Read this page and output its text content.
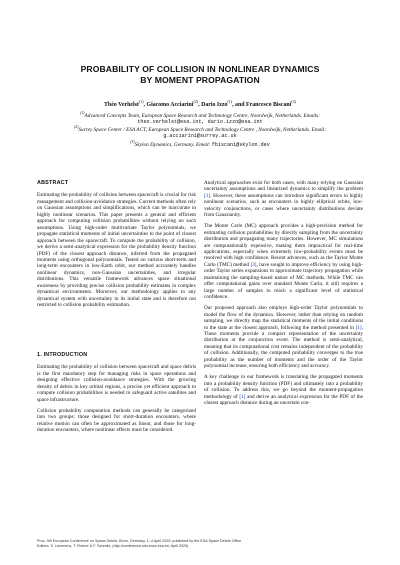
PROBABILITY OF COLLISION IN NONLINEAR DYNAMICS
BY MOMENT PROPAGATION
Théo Verhelst$^{(1)}$, Giacomo Acciarini$^{(2)}$, Dario Izzo$^{(1)}$, and Francesco Biscani$^{(3)}$
$^{(1)}$Advanced Concepts Team, European Space Research and Technology Centre, Noordwijk, Netherlands. Emails:
theo.verhelst@esa.int, dario.izzo@esa.int
$^{(2)}$Surrey Space Center / ESA ACT, European Space Research and Technology Centre , Noordwijk, Netherlands. Email:
g.acciarini@surrey.ac.uk
$^{(3)}$Skylon Dynamics, Germany. Email: fbiscani@skylon.dev
ABSTRACT

Estimating the probability of collision between spacecraft is crucial for risk management and collision-avoidance strategies. Current methods often rely on Gaussian assumptions and simplifications, which can be inaccurate in highly nonlinear scenarios. This paper presents a general and efficient approach for computing collision probabilities without relying on such assumptions. Using high-order multivariate Taylor polynomials, we propagate statistical moments of initial uncertainties to the point of closest approach between the spacecraft. To compute the probability of collision, we derive a semi-analytical expression for the probability density function (PDF) of the closest approach distance, inferred from the propagated moments using orthogonal polynomials. Tested on various short-term and long-term encounters in low-Earth orbit, our method accurately handles nonlinear dynamics, non-Gaussian uncertainties, and irregular distributions. This versatile framework advances space situational awareness by providing precise collision probability estimates in complex dynamical environments. Moreover, our methodology applies to any dynamical system with uncertainty in its initial state and is therefore not restricted to collision probability estimation.

1. INTRODUCTION

Estimating the probability of collision between spacecraft and space debris is the first mandatory step for managing risks in space operations and designing effective collision-avoidance strategies. With the growing density of debris in key orbital regions, a precise yet efficient approach to compute collision probabilities is needed to safeguard active satellites and space infrastructure.

Collision probability computation methods can generally be categorized into two groups: those designed for short-duration encounters, where relative motion can often be approximated as linear, and those for long-duration encounters, where nonlinear effects must be considered.

Analytical approaches exist for both cases, with many relying on Gaussian uncertainty assumptions and linearized dynamics to simplify the problem [1]. However, these assumptions can introduce significant errors in highly nonlinear scenarios, such as encounters in highly elliptical orbits, low-velocity conjunctions, or cases where uncertainty distributions deviate from Gaussianity.

The Monte Carlo (MC) approach provides a high-precision method for estimating collision probabilities by directly sampling from the uncertainty distribution and propagating many trajectories. However, MC simulations are computationally expensive, making them impractical for real-time applications, especially when extremely low-probability events must be resolved with high confidence. Recent advances, such as the Taylor Monte Carlo (TMC) method [3], have sought to improve efficiency by using high-order Taylor series expansions to approximate trajectory propagation while maintaining the sampling-based nature of MC methods. While TMC can offer computational gains over standard Monte Carlo, it still requires a large number of samples to reach a significant level of statistical confidence.

Our proposed approach also employs high-order Taylor polynomials to model the flow of the dynamics. However, rather than relying on random sampling, we directly map the statistical moments of the initial conditions to the state at the closest approach, following the method presented in [1]. These moments provide a compact representation of the uncertainty distribution at the conjunction event. The method is semi-analytical, meaning that its computational cost remains independent of the probability of collision. Additionally, the computed probability converges to the true probability as the number of moments and the order of the Taylor polynomial increase, ensuring both efficiency and accuracy.

A key challenge in our framework is translating the propagated moments into a probability density function (PDF) and ultimately into a probability of collision. To address this, we go beyond the moment-propagation methodology of [1] and derive an analytical expression for the PDF of the closest approach distance during an uncertain con-

Proc. 9th European Conference on Space Debris, Bonn, Germany, 1–4 April 2025, published by the ESA Space Debris Office
Editors: S. Lemmens, T. Flohrer & F. Schmitz, (http://conference.sdo.esoc.esa.int, April 2025)
